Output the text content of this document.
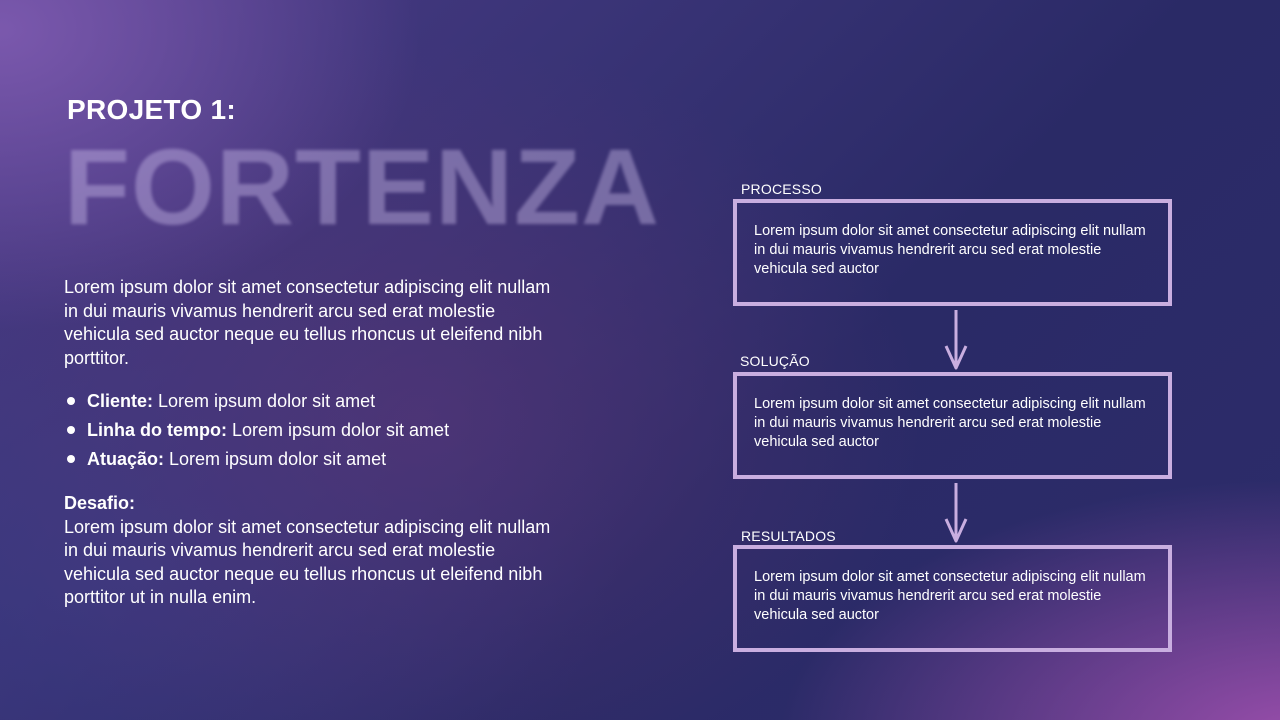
PROJETO 1:
FORTENZA

Lorem ipsum dolor sit amet consectetur adipiscing elit nullam in dui mauris vivamus hendrerit arcu sed erat molestie vehicula sed auctor neque eu tellus rhoncus ut eleifend nibh porttitor.

Cliente: Lorem ipsum dolor sit amet
Linha do tempo: Lorem ipsum dolor sit amet
Atuação: Lorem ipsum dolor sit amet

Desafio:

Lorem ipsum dolor sit amet consectetur adipiscing elit nullam in dui mauris vivamus hendrerit arcu sed erat molestie vehicula sed auctor neque eu tellus rhoncus ut eleifend nibh porttitor ut in nulla enim.

PROCESSO
Lorem ipsum dolor sit amet consectetur adipiscing elit nullam in dui mauris vivamus hendrerit arcu sed erat molestie vehicula sed auctor
SOLUÇÃO
Lorem ipsum dolor sit amet consectetur adipiscing elit nullam in dui mauris vivamus hendrerit arcu sed erat molestie vehicula sed auctor
RESULTADOS
Lorem ipsum dolor sit amet consectetur adipiscing elit nullam in dui mauris vivamus hendrerit arcu sed erat molestie vehicula sed auctor
